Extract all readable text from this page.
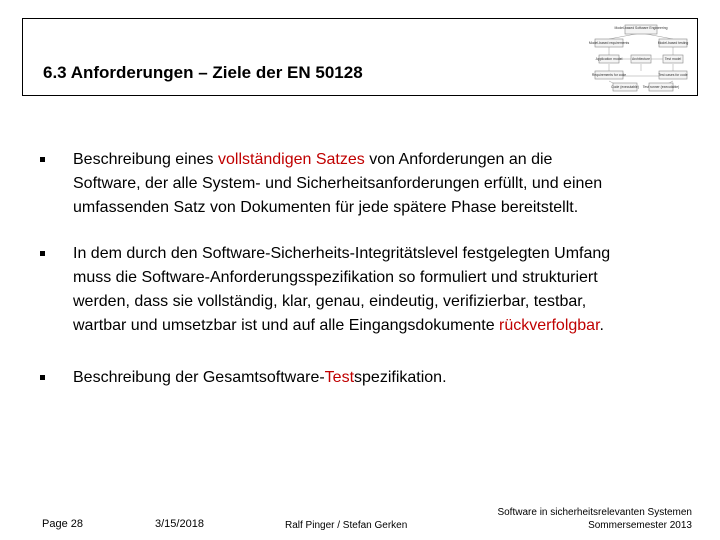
6.3 Anforderungen – Ziele der EN 50128
Model-based Software Engineering
Model-based requirements	Model-based testing
Application model	Test model
Architecture
Requirements for code	Test cases for code
Code (executable) Test runner (executable)
Beschreibung eines vollständigen Satzes von Anforderungen an die
Software, der alle System- und Sicherheitsanforderungen erfüllt, und einen
umfassenden Satz von Dokumenten für jede spätere Phase bereitstellt.
In dem durch den Software-Sicherheits-Integritätslevel festgelegten Umfang
muss die Software-Anforderungsspezifikation so formuliert und strukturiert
werden, dass sie vollständig, klar, genau, eindeutig, verifizierbar, testbar,
wartbar und umsetzbar ist und auf alle Eingangsdokumente rückverfolgbar.
Beschreibung der Gesamtsoftware-Testspezifikation.
Page 28	3/15/2018	Ralf Pinger / Stefan Gerken
Software in sicherheitsrelevanten Systemen
Sommersemester 2013
